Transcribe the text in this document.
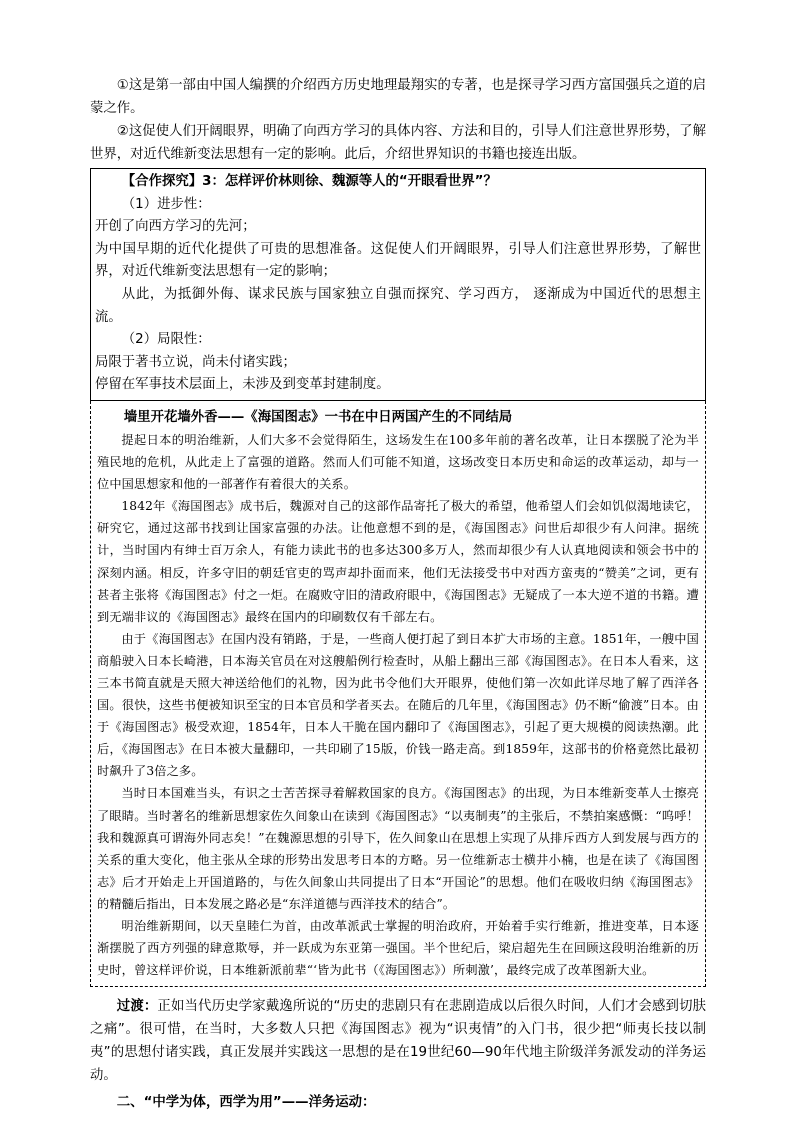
①这是第一部由中国人编撰的介绍西方历史地理最翔实的专著，也是探寻学习西方富国强兵之道的启蒙之作。

②这促使人们开阔眼界，明确了向西方学习的具体内容、方法和目的，引导人们注意世界形势，了解世界，对近代维新变法思想有一定的影响。此后，介绍世界知识的书籍也接连出版。

【合作探究】3：怎样评价林则徐、魏源等人的“开眼看世界”？

（1）进步性：

开创了向西方学习的先河；

为中国早期的近代化提供了可贵的思想准备。这促使人们开阔眼界，引导人们注意世界形势，了解世界，对近代维新变法思想有一定的影响；

从此，为抵御外侮、谋求民族与国家独立自强而探究、学习西方， 逐渐成为中国近代的思想主流。

（2）局限性：

局限于著书立说，尚未付诸实践；

停留在军事技术层面上，未涉及到变革封建制度。

墙里开花墙外香——《海国图志》一书在中日两国产生的不同结局

提起日本的明治维新，人们大多不会觉得陌生，这场发生在100多年前的著名改革，让日本摆脱了沦为半殖民地的危机，从此走上了富强的道路。然而人们可能不知道，这场改变日本历史和命运的改革运动，却与一位中国思想家和他的一部著作有着很大的关系。

1842年《海国图志》成书后，魏源对自己的这部作品寄托了极大的希望，他希望人们会如饥似渴地读它，研究它，通过这部书找到让国家富强的办法。让他意想不到的是，《海国图志》问世后却很少有人问津。据统计，当时国内有绅士百万余人，有能力读此书的也多达300多万人，然而却很少有人认真地阅读和领会书中的深刻内涵。相反，许多守旧的朝廷官吏的骂声却扑面而来，他们无法接受书中对西方蛮夷的“赞美”之词，更有甚者主张将《海国图志》付之一炬。在腐败守旧的清政府眼中，《海国图志》无疑成了一本大逆不道的书籍。遭到无端非议的《海国图志》最终在国内的印刷数仅有千部左右。

由于《海国图志》在国内没有销路，于是，一些商人便打起了到日本扩大市场的主意。1851年，一艘中国商船驶入日本长崎港，日本海关官员在对这艘船例行检查时，从船上翻出三部《海国图志》。在日本人看来，这三本书简直就是天照大神送给他们的礼物，因为此书令他们大开眼界，使他们第一次如此详尽地了解了西洋各国。很快，这些书便被知识至宝的日本官员和学者买去。在随后的几年里，《海国图志》仍不断“偷渡”日本。由于《海国图志》极受欢迎，1854年，日本人干脆在国内翻印了《海国图志》，引起了更大规模的阅读热潮。此后，《海国图志》在日本被大量翻印，一共印刷了15版，价钱一路走高。到1859年，这部书的价格竟然比最初时飙升了3倍之多。

当时日本国难当头，有识之士苦苦探寻着解救国家的良方。《海国图志》的出现，为日本维新变革人士擦亮了眼睛。当时著名的维新思想家佐久间象山在读到《海国图志》“以夷制夷”的主张后，不禁拍案感慨：“呜呼！我和魏源真可谓海外同志矣！”在魏源思想的引导下，佐久间象山在思想上实现了从排斥西方人到发展与西方的关系的重大变化，他主张从全球的形势出发思考日本的方略。另一位维新志士横井小楠，也是在读了《海国图志》后才开始走上开国道路的，与佐久间象山共同提出了日本“开国论”的思想。他们在吸收归纳《海国图志》的精髓后指出，日本发展之路必是“东洋道德与西洋技术的结合”。

明治维新期间，以天皇睦仁为首，由改革派武士掌握的明治政府，开始着手实行维新，推进变革，日本逐渐摆脱了西方列强的肆意欺辱，并一跃成为东亚第一强国。半个世纪后，梁启超先生在回顾这段明治维新的历史时，曾这样评价说，日本维新派前辈“‘皆为此书（《海国图志》）所刺激’，最终完成了改革图新大业。

过渡：正如当代历史学家戴逸所说的“历史的悲剧只有在悲剧造成以后很久时间，人们才会感到切肤之痛”。很可惜，在当时，大多数人只把《海国图志》视为“识夷情”的入门书，很少把“师夷长技以制夷”的思想付诸实践，真正发展并实践这一思想的是在19世纪60—90年代地主阶级洋务派发动的洋务运动。

二、“中学为体，西学为用”——洋务运动：
